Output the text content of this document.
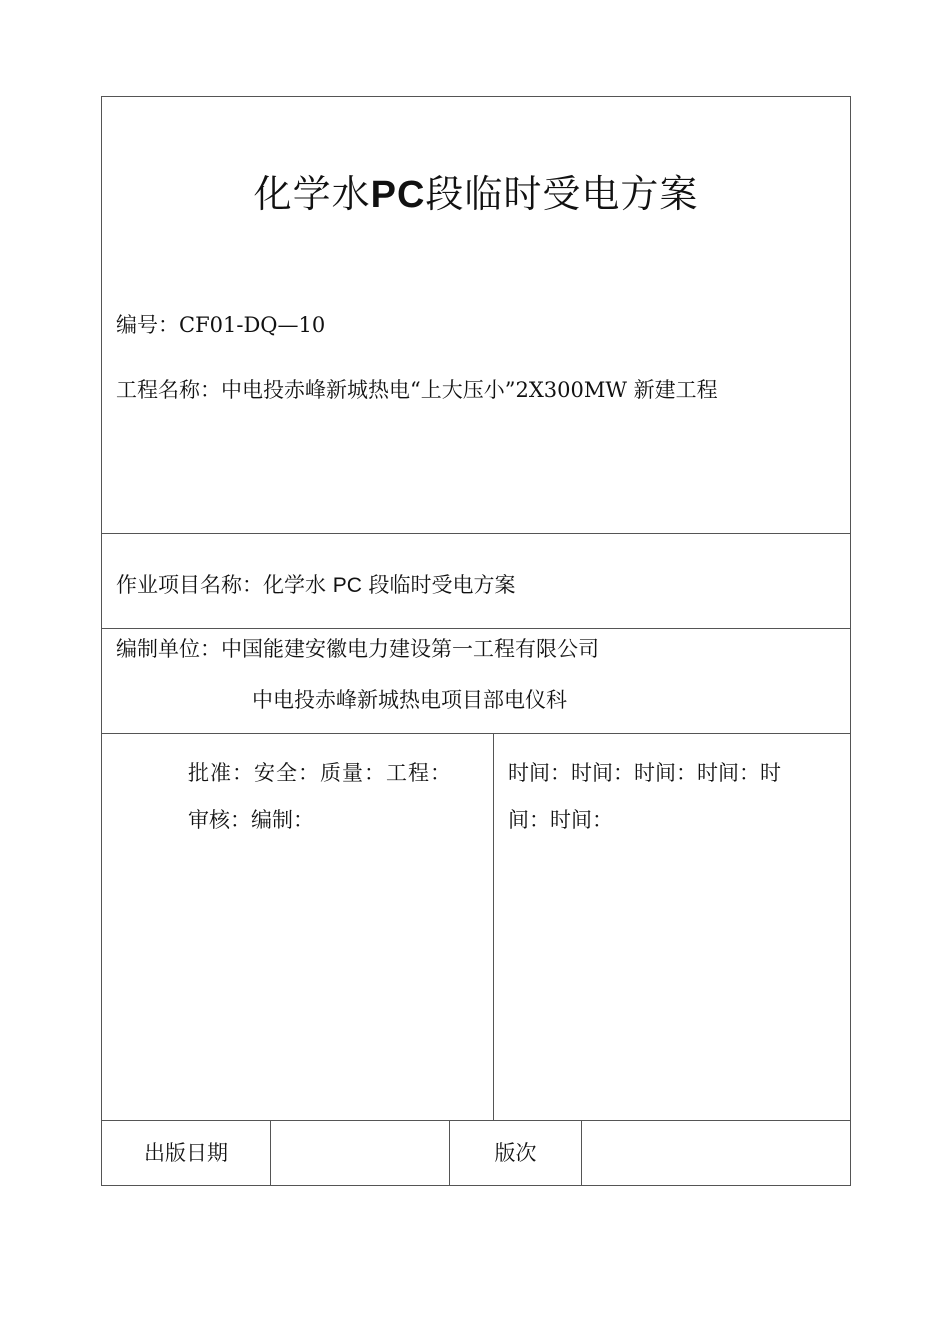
化学水PC段临时受电方案
编号：CF01-DQ—10
工程名称：中电投赤峰新城热电“上大压小”2X300MW 新建工程
作业项目名称：化学水 PC 段临时受电方案
编制单位：中国能建安徽电力建设第一工程有限公司
中电投赤峰新城热电项目部电仪科
批准：安全：质量：工程：
审核：编制：
时间：时间：时间：时间：时
间：时间：
出版日期	版次
